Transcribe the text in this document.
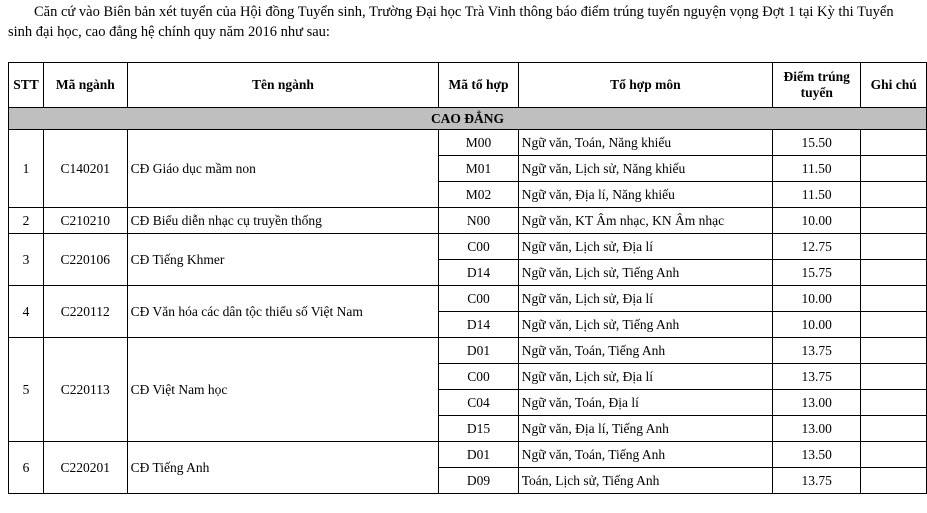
Căn cứ vào Biên bản xét tuyển của Hội đồng Tuyển sinh, Trường Đại học Trà Vinh thông báo điểm trúng tuyển nguyện vọng Đợt 1 tại Kỳ thi Tuyển sinh đại học, cao đẳng hệ chính quy năm 2016 như sau:

STT	Mã ngành	Tên ngành	Mã tổ hợp	Tổ hợp môn	Điểm trúng tuyển	Ghi chú
CAO ĐẲNG						
1	C140201	CĐ Giáo dục mầm non	M00	Ngữ văn, Toán, Năng khiếu	15.50	
			M01	Ngữ văn, Lịch sử, Năng khiếu	11.50	
			M02	Ngữ văn, Địa lí, Năng khiếu	11.50	
2	C210210	CĐ Biểu diễn nhạc cụ truyền thống	N00	Ngữ văn, KT Âm nhạc, KN Âm nhạc	10.00	
3	C220106	CĐ Tiếng Khmer	C00	Ngữ văn, Lịch sử, Địa lí	12.75	
			D14	Ngữ văn, Lịch sử, Tiếng Anh	15.75	
4	C220112	CĐ Văn hóa các dân tộc thiểu số Việt Nam	C00	Ngữ văn, Lịch sử, Địa lí	10.00	
			D14	Ngữ văn, Lịch sử, Tiếng Anh	10.00	
5	C220113	CĐ Việt Nam học	D01	Ngữ văn, Toán, Tiếng Anh	13.75	
			C00	Ngữ văn, Lịch sử, Địa lí	13.75	
			C04	Ngữ văn, Toán, Địa lí	13.00	
			D15	Ngữ văn, Địa lí, Tiếng Anh	13.00	
6	C220201	CĐ Tiếng Anh	D01	Ngữ văn, Toán, Tiếng Anh	13.50	
			D09	Toán, Lịch sử, Tiếng Anh	13.75	
